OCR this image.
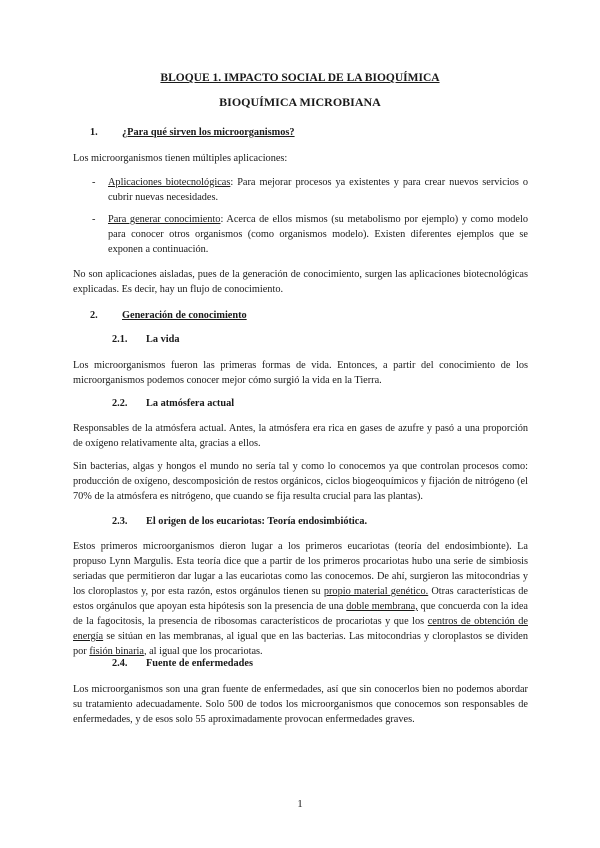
BLOQUE 1. IMPACTO SOCIAL DE LA BIOQUÍMICA
BIOQUÍMICA MICROBIANA
1. ¿Para qué sirven los microorganismos?
Los microorganismos tienen múltiples aplicaciones:
- Aplicaciones biotecnológicas: Para mejorar procesos ya existentes y para crear nuevos servicios o cubrir nuevas necesidades.
- Para generar conocimiento: Acerca de ellos mismos (su metabolismo por ejemplo) y como modelo para conocer otros organismos (como organismos modelo). Existen diferentes ejemplos que se exponen a continuación.
No son aplicaciones aisladas, pues de la generación de conocimiento, surgen las aplicaciones biotecnológicas explicadas. Es decir, hay un flujo de conocimiento.
2. Generación de conocimiento
2.1. La vida
Los microorganismos fueron las primeras formas de vida. Entonces, a partir del conocimiento de los microorganismos podemos conocer mejor cómo surgió la vida en la Tierra.
2.2. La atmósfera actual
Responsables de la atmósfera actual. Antes, la atmósfera era rica en gases de azufre y pasó a una proporción de oxígeno relativamente alta, gracias a ellos.
Sin bacterias, algas y hongos el mundo no sería tal y como lo conocemos ya que controlan procesos como: producción de oxígeno, descomposición de restos orgánicos, ciclos biogeoquímicos y fijación de nitrógeno (el 70% de la atmósfera es nitrógeno, que cuando se fija resulta crucial para las plantas).
2.3. El origen de los eucariotas: Teoría endosimbiótica.
Estos primeros microorganismos dieron lugar a los primeros eucariotas (teoría del endosimbionte). La propuso Lynn Margulis. Esta teoría dice que a partir de los primeros procariotas hubo una serie de simbiosis seriadas que permitieron dar lugar a las eucariotas como las conocemos. De ahí, surgieron las mitocondrias y los cloroplastos y, por esta razón, estos orgánulos tienen su propio material genético. Otras características de estos orgánulos que apoyan esta hipótesis son la presencia de una doble membrana, que concuerda con la idea de la fagocitosis, la presencia de ribosomas característicos de procariotas y que los centros de obtención de energía se sitúan en las membranas, al igual que en las bacterias. Las mitocondrias y cloroplastos se dividen por fisión binaria, al igual que los procariotas.
2.4. Fuente de enfermedades
Los microorganismos son una gran fuente de enfermedades, así que sin conocerlos bien no podemos abordar su tratamiento adecuadamente. Solo 500 de todos los microorganismos que conocemos son responsables de enfermedades, y de esos solo 55 aproximadamente provocan enfermedades graves.
1
